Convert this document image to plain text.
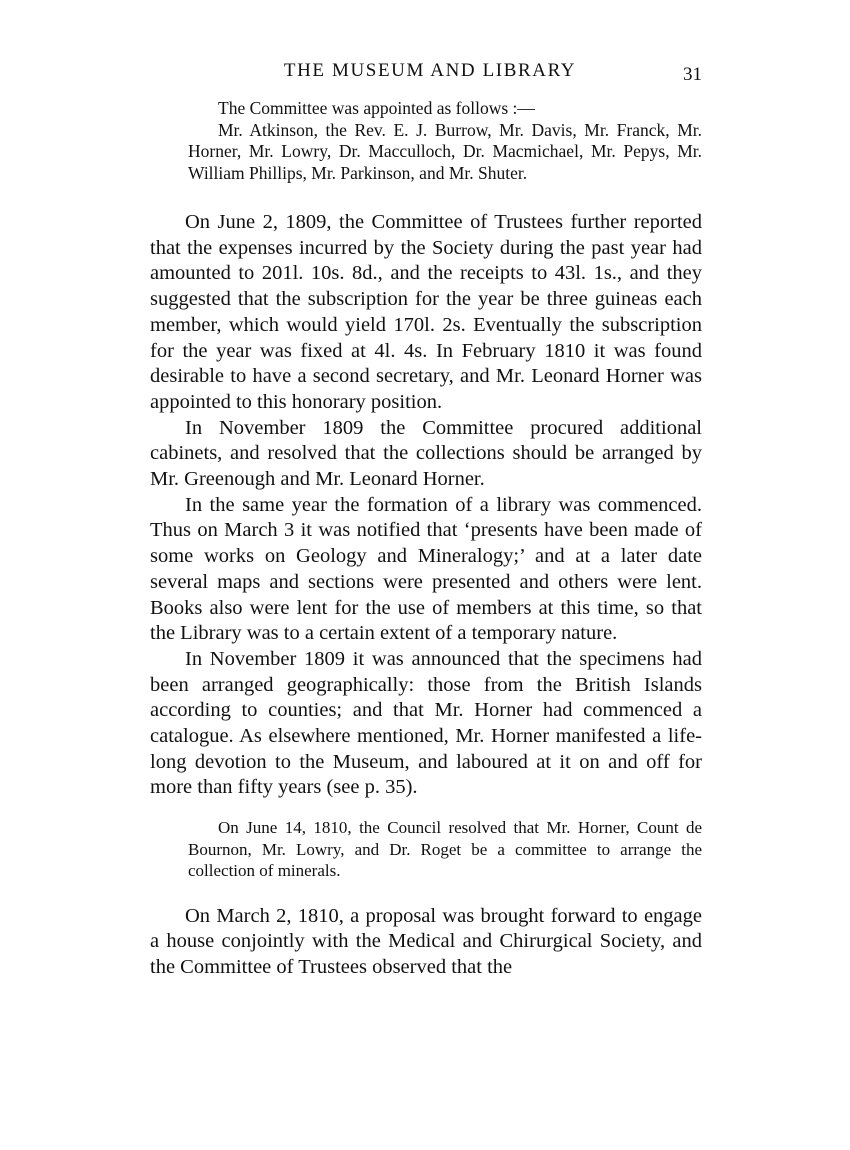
THE MUSEUM AND LIBRARY	31

The Committee was appointed as follows :—

Mr. Atkinson, the Rev. E. J. Burrow, Mr. Davis, Mr. Franck, Mr. Horner, Mr. Lowry, Dr. Macculloch, Dr. Macmichael, Mr. Pepys, Mr. William Phillips, Mr. Parkinson, and Mr. Shuter.

On June 2, 1809, the Committee of Trustees further reported that the expenses incurred by the Society during the past year had amounted to 201l. 10s. 8d., and the receipts to 43l. 1s., and they suggested that the subscription for the year be three guineas each member, which would yield 170l. 2s. Eventually the subscription for the year was fixed at 4l. 4s. In February 1810 it was found desirable to have a second secretary, and Mr. Leonard Horner was appointed to this honorary position.

In November 1809 the Committee procured additional cabinets, and resolved that the collections should be arranged by Mr. Greenough and Mr. Leonard Horner.

In the same year the formation of a library was commenced. Thus on March 3 it was notified that ‘presents have been made of some works on Geology and Mineralogy;’ and at a later date several maps and sections were presented and others were lent. Books also were lent for the use of members at this time, so that the Library was to a certain extent of a temporary nature.

In November 1809 it was announced that the specimens had been arranged geographically: those from the British Islands according to counties; and that Mr. Horner had commenced a catalogue. As elsewhere mentioned, Mr. Horner manifested a life-long devotion to the Museum, and laboured at it on and off for more than fifty years (see p. 35).

On June 14, 1810, the Council resolved that Mr. Horner, Count de Bournon, Mr. Lowry, and Dr. Roget be a committee to arrange the collection of minerals.

On March 2, 1810, a proposal was brought forward to engage a house conjointly with the Medical and Chirurgical Society, and the Committee of Trustees observed that the
